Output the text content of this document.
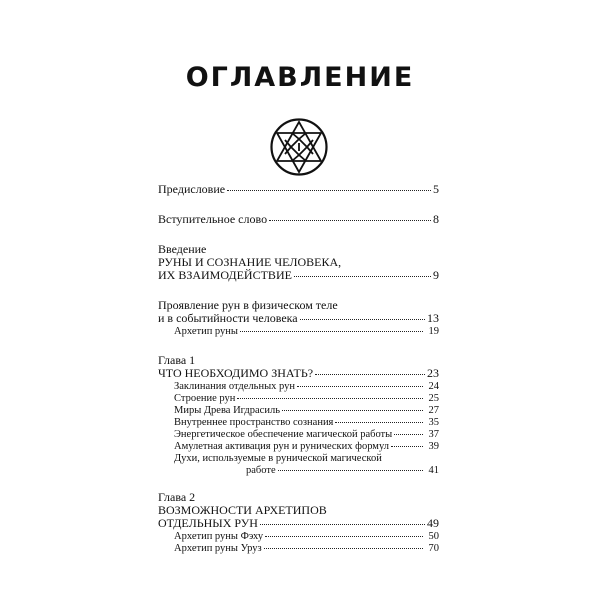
ОГЛАВЛЕНИЕ
Предисловие	5
Вступительное слово	8
Введение
РУНЫ И СОЗНАНИЕ ЧЕЛОВЕКА,
ИХ ВЗАИМОДЕЙСТВИЕ	9
Проявление рун в физическом теле
и в событийности человека	13
Архетип руны	19
Глава 1
ЧТО НЕОБХОДИМО ЗНАТЬ?	23
Заклинания отдельных рун	24
Строение рун	25
Миры Древа Игдрасиль	27
Внутреннее пространство сознания	35
Энергетическое обеспечение магической работы	37
Амулетная активация рун и рунических формул	39
Духи, используемые в рунической магической
работе	41
Глава 2
ВОЗМОЖНОСТИ АРХЕТИПОВ
ОТДЕЛЬНЫХ РУН	49
Архетип руны Фэху	50
Архетип руны Уруз	70
